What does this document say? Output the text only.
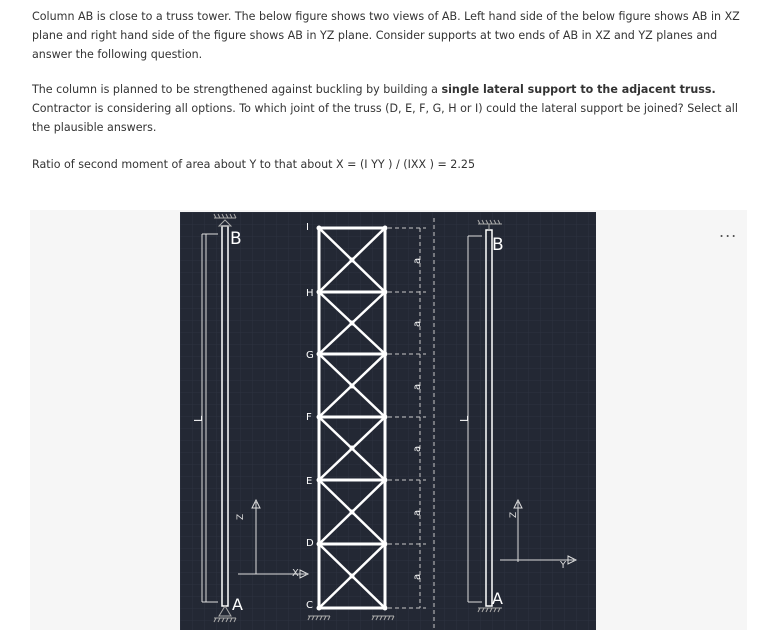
Column AB is close to a truss tower. The below figure shows two views of AB. Left hand side of the below figure shows AB in XZ plane and right hand side of the figure shows AB in YZ plane. Consider supports at two ends of AB in XZ and YZ planes and answer the following question.

The column is planned to be strengthened against buckling by building a single lateral support to the adjacent truss. Contractor is considering all options. To which joint of the truss (D, E, F, G, H or I) could the lateral support be joined? Select all the plausible answers.

Ratio of second moment of area about Y to that about X = (I YY ) / (IXX ) = 2.25

...
B
A
L
Z
X
I
H
G
F
E
D
C
a
a
a
a
a
a
B
A
L
Z
Y
